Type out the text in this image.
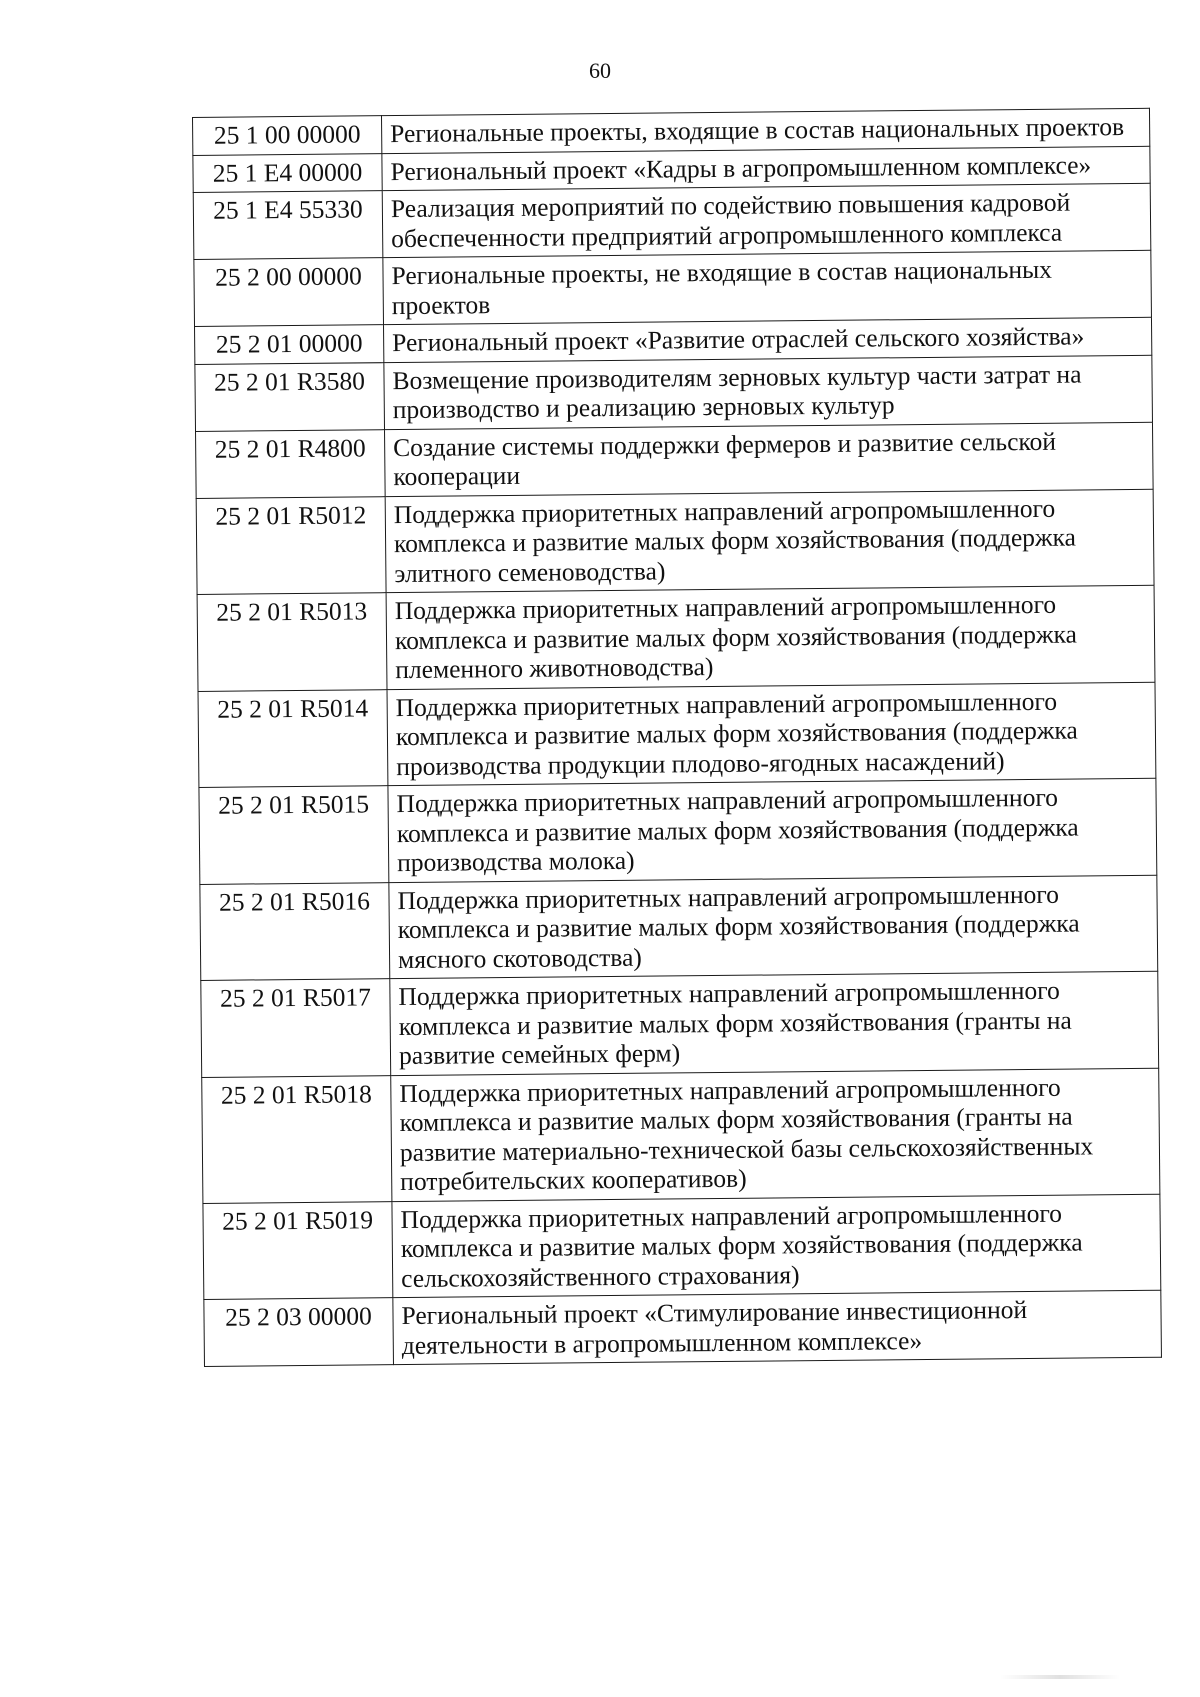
60
25 1 00 00000	Региональные проекты, входящие в состав национальных проектов
25 1 E4 00000	Региональный проект «Кадры в агропромышленном комплексе»
25 1 E4 55330	Реализация мероприятий по содействию повышения кадровой обеспеченности предприятий агропромышленного комплекса
25 2 00 00000	Региональные проекты, не входящие в состав национальных проектов
25 2 01 00000	Региональный проект «Развитие отраслей сельского хозяйства»
25 2 01 R3580	Возмещение производителям зерновых культур части затрат на производство и реализацию зерновых культур
25 2 01 R4800	Создание системы поддержки фермеров и развитие сельской кооперации
25 2 01 R5012	Поддержка приоритетных направлений агропромышленного комплекса и развитие малых форм хозяйствования (поддержка элитного семеноводства)
25 2 01 R5013	Поддержка приоритетных направлений агропромышленного комплекса и развитие малых форм хозяйствования (поддержка племенного животноводства)
25 2 01 R5014	Поддержка приоритетных направлений агропромышленного комплекса и развитие малых форм хозяйствования (поддержка производства продукции плодово-ягодных насаждений)
25 2 01 R5015	Поддержка приоритетных направлений агропромышленного комплекса и развитие малых форм хозяйствования (поддержка производства молока)
25 2 01 R5016	Поддержка приоритетных направлений агропромышленного комплекса и развитие малых форм хозяйствования (поддержка мясного скотоводства)
25 2 01 R5017	Поддержка приоритетных направлений агропромышленного комплекса и развитие малых форм хозяйствования (гранты на развитие семейных ферм)
25 2 01 R5018	Поддержка приоритетных направлений агропромышленного комплекса и развитие малых форм хозяйствования (гранты на развитие материально-технической базы сельскохозяйственных потребительских кооперативов)
25 2 01 R5019	Поддержка приоритетных направлений агропромышленного комплекса и развитие малых форм хозяйствования (поддержка сельскохозяйственного страхования)
25 2 03 00000	Региональный проект «Стимулирование инвестиционной деятельности в агропромышленном комплексе»
